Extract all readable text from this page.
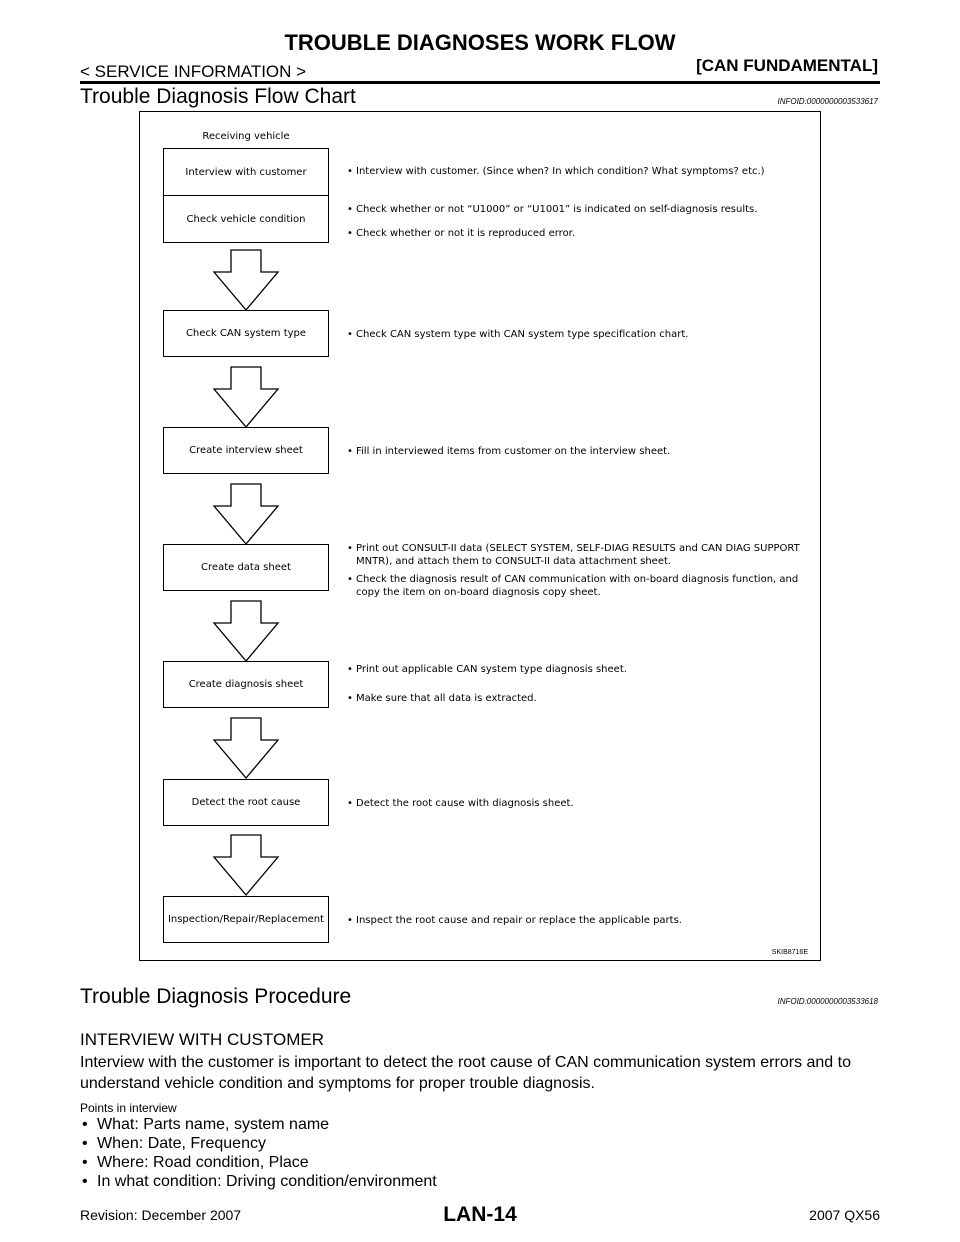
TROUBLE DIAGNOSES WORK FLOW
< SERVICE INFORMATION >	[CAN FUNDAMENTAL]
Trouble Diagnosis Flow Chart	INFOID:0000000003533617
Receiving vehicle
Interview with customer
Check vehicle condition
Check CAN system type
Create interview sheet
Create data sheet
Create diagnosis sheet
Detect the root cause
Inspection/Repair/Replacement
• Interview with customer. (Since when? In which condition? What symptoms? etc.)
• Check whether or not “U1000” or “U1001” is indicated on self-diagnosis results.
• Check whether or not it is reproduced error.
• Check CAN system type with CAN system type specification chart.
• Fill in interviewed items from customer on the interview sheet.
• Print out CONSULT-II data (SELECT SYSTEM, SELF-DIAG RESULTS and CAN DIAG SUPPORT MNTR), and attach them to CONSULT-II data attachment sheet.
• Check the diagnosis result of CAN communication with on-board diagnosis function, and copy the item on on-board diagnosis copy sheet.
• Print out applicable CAN system type diagnosis sheet.
• Make sure that all data is extracted.
• Detect the root cause with diagnosis sheet.
• Inspect the root cause and repair or replace the applicable parts.
SKIB8716E
Trouble Diagnosis Procedure	INFOID:0000000003533618
INTERVIEW WITH CUSTOMER
Interview with the customer is important to detect the root cause of CAN communication system errors and to understand vehicle condition and symptoms for proper trouble diagnosis.
Points in interview
• What: Parts name, system name
• When: Date, Frequency
• Where: Road condition, Place
• In what condition: Driving condition/environment
LAN-14
Revision: December 2007	2007 QX56
